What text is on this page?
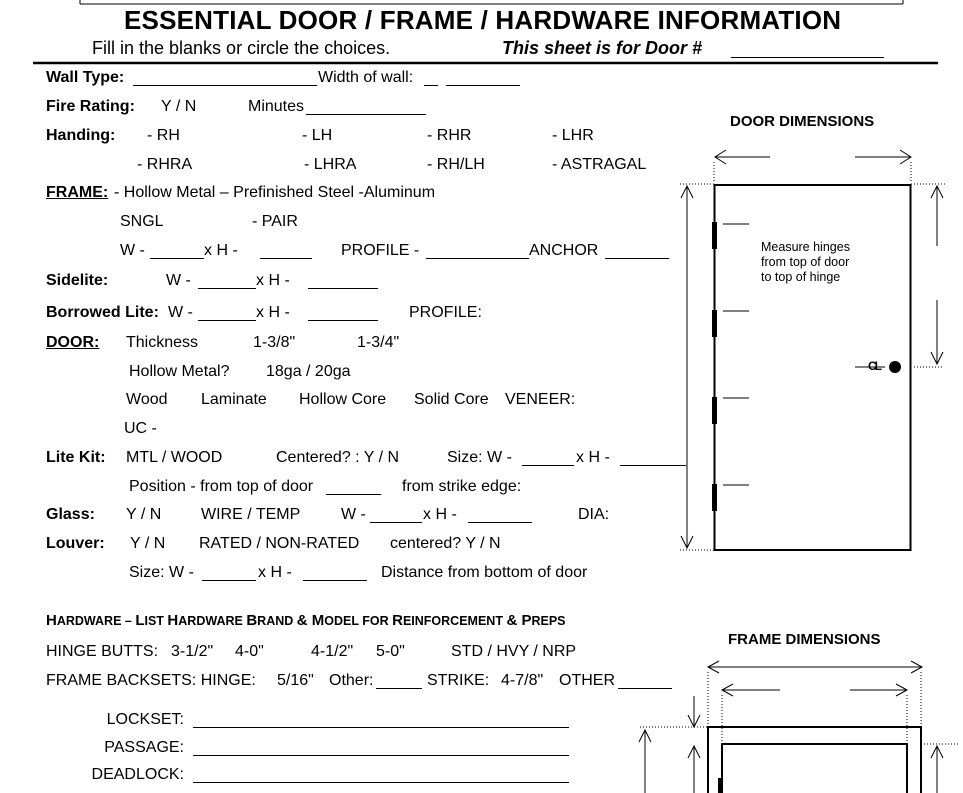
ESSENTIAL DOOR / FRAME / HARDWARE INFORMATION
Fill in the blanks or circle the choices.	This sheet is for Door #
Wall Type:	Width of wall:
Fire Rating: Y / N	Minutes
Handing: - RH	- LH	- RHR	- LHR
- RHRA	- LHRA	- RH/LH	- ASTRAGAL
FRAME: - Hollow Metal – Prefinished Steel -Aluminum
SNGL	- PAIR
W -	x H -	PROFILE -	ANCHOR
Sidelite:	W -	x H -
Borrowed Lite: W -	x H -	PROFILE:
DOOR: Thickness	1-3/8"	1-3/4"
Hollow Metal? 18ga / 20ga
Wood Laminate Hollow Core Solid Core VENEER:
UC -
Lite Kit: MTL / WOOD	Centered? : Y / N	Size: W -	x H -
Position - from top of door	from strike edge:
Glass: Y / N WIRE / TEMP	W -	x H -	DIA:
Louver: Y / N RATED / NON-RATED centered? Y / N
Size: W -	x H -	Distance from bottom of door
HARDWARE – LIST HARDWARE BRAND & MODEL FOR REINFORCEMENT & PREPS
HINGE BUTTS: 3-1/2" 4-0"	4-1/2" 5-0"	STD / HVY / NRP
FRAME BACKSETS: HINGE: 5/16" Other:	STRIKE: 4-7/8" OTHER
LOCKSET:
PASSAGE:
DEADLOCK:
DOOR DIMENSIONS
Measure hinges
from top of door
to top of hinge
CL
FRAME DIMENSIONS
